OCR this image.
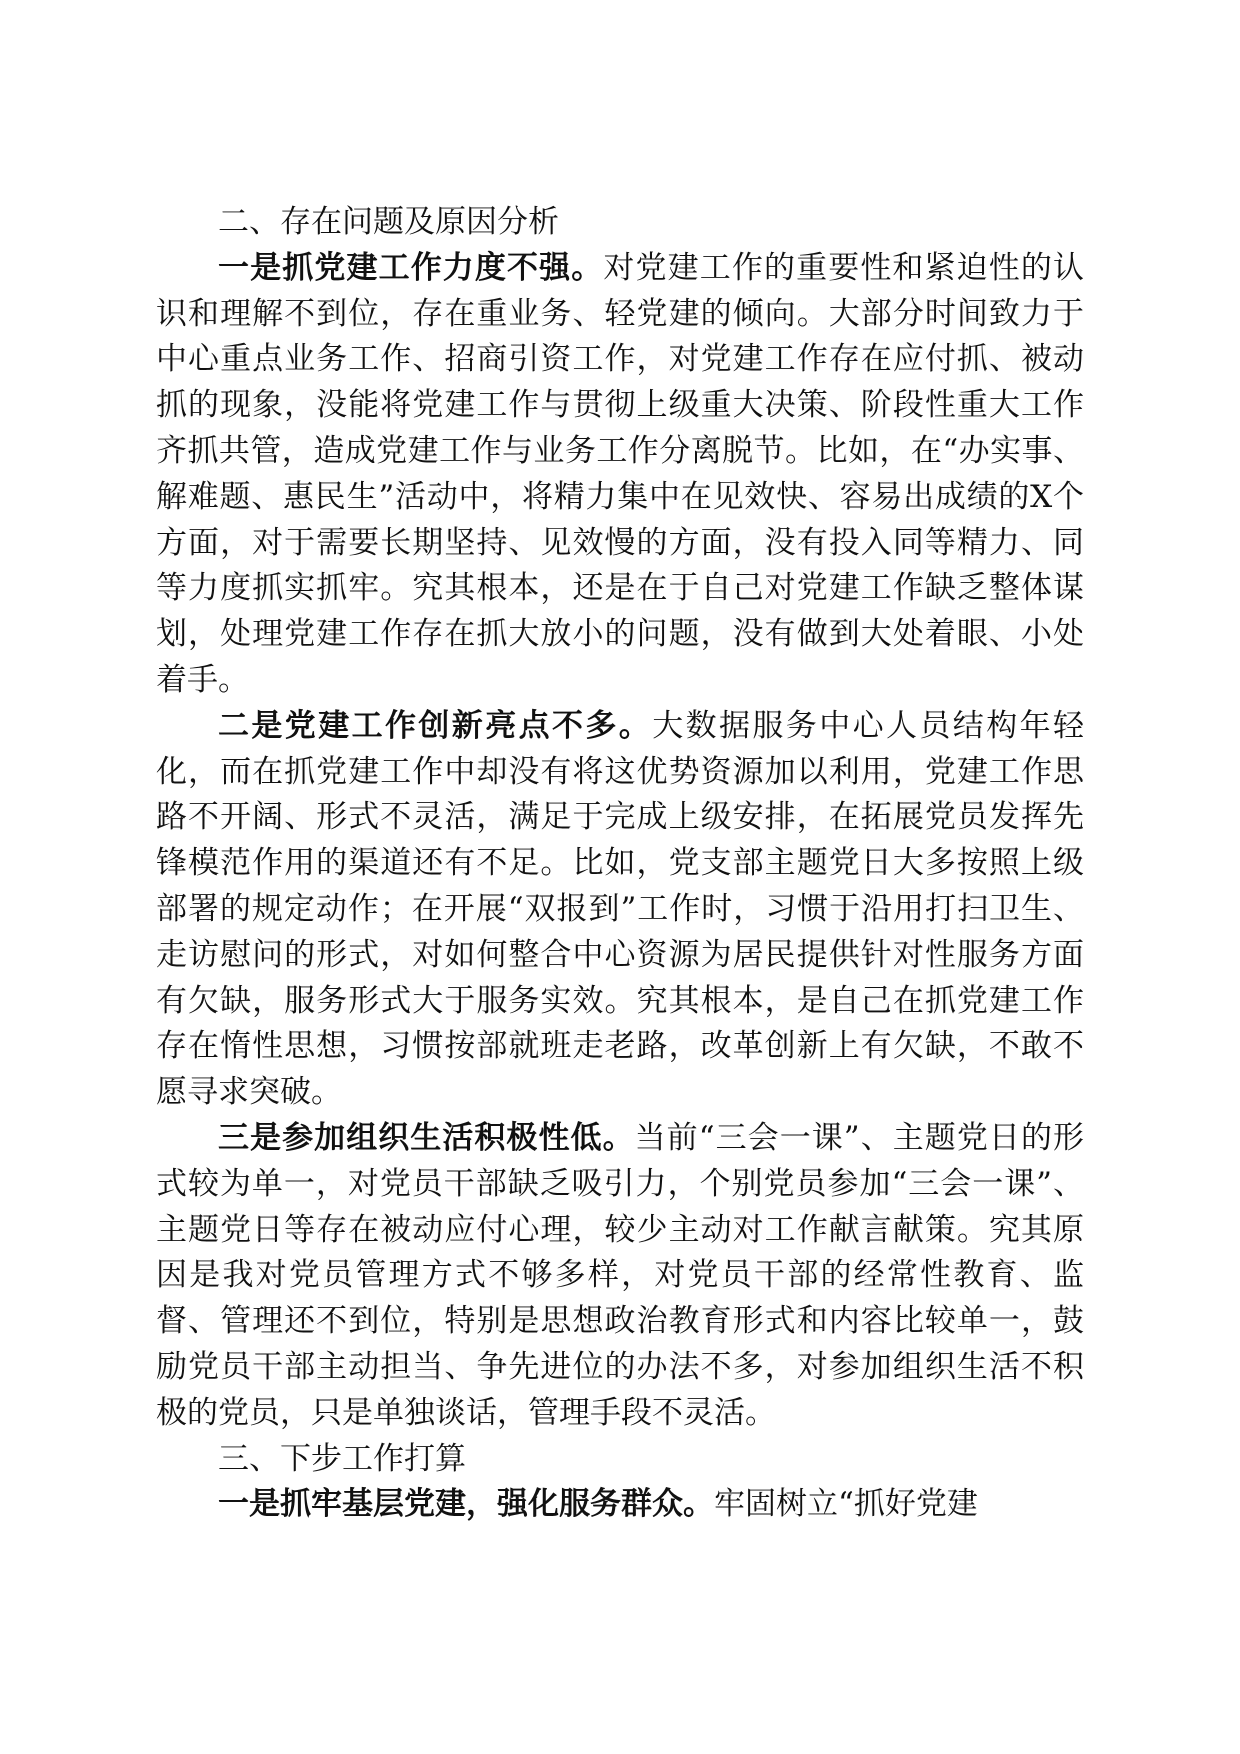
二、存在问题及原因分析

一是抓党建工作力度不强。对党建工作的重要性和紧迫性的认识和理解不到位，存在重业务、轻党建的倾向。大部分时间致力于中心重点业务工作、招商引资工作，对党建工作存在应付抓、被动抓的现象，没能将党建工作与贯彻上级重大决策、阶段性重大工作齐抓共管，造成党建工作与业务工作分离脱节。比如，在“办实事、解难题、惠民生”活动中，将精力集中在见效快、容易出成绩的X个方面，对于需要长期坚持、见效慢的方面，没有投入同等精力、同等力度抓实抓牢。究其根本，还是在于自己对党建工作缺乏整体谋划，处理党建工作存在抓大放小的问题，没有做到大处着眼、小处着手。

二是党建工作创新亮点不多。大数据服务中心人员结构年轻化，而在抓党建工作中却没有将这优势资源加以利用，党建工作思路不开阔、形式不灵活，满足于完成上级安排，在拓展党员发挥先锋模范作用的渠道还有不足。比如，党支部主题党日大多按照上级部署的规定动作；在开展“双报到”工作时，习惯于沿用打扫卫生、走访慰问的形式，对如何整合中心资源为居民提供针对性服务方面有欠缺，服务形式大于服务实效。究其根本，是自己在抓党建工作存在惰性思想，习惯按部就班走老路，改革创新上有欠缺，不敢不愿寻求突破。

三是参加组织生活积极性低。当前“三会一课”、主题党日的形式较为单一，对党员干部缺乏吸引力，个别党员参加“三会一课”、主题党日等存在被动应付心理，较少主动对工作献言献策。究其原因是我对党员管理方式不够多样，对党员干部的经常性教育、监督、管理还不到位，特别是思想政治教育形式和内容比较单一，鼓励党员干部主动担当、争先进位的办法不多，对参加组织生活不积极的党员，只是单独谈话，管理手段不灵活。

三、下步工作打算

一是抓牢基层党建，强化服务群众。牢固树立“抓好党建
